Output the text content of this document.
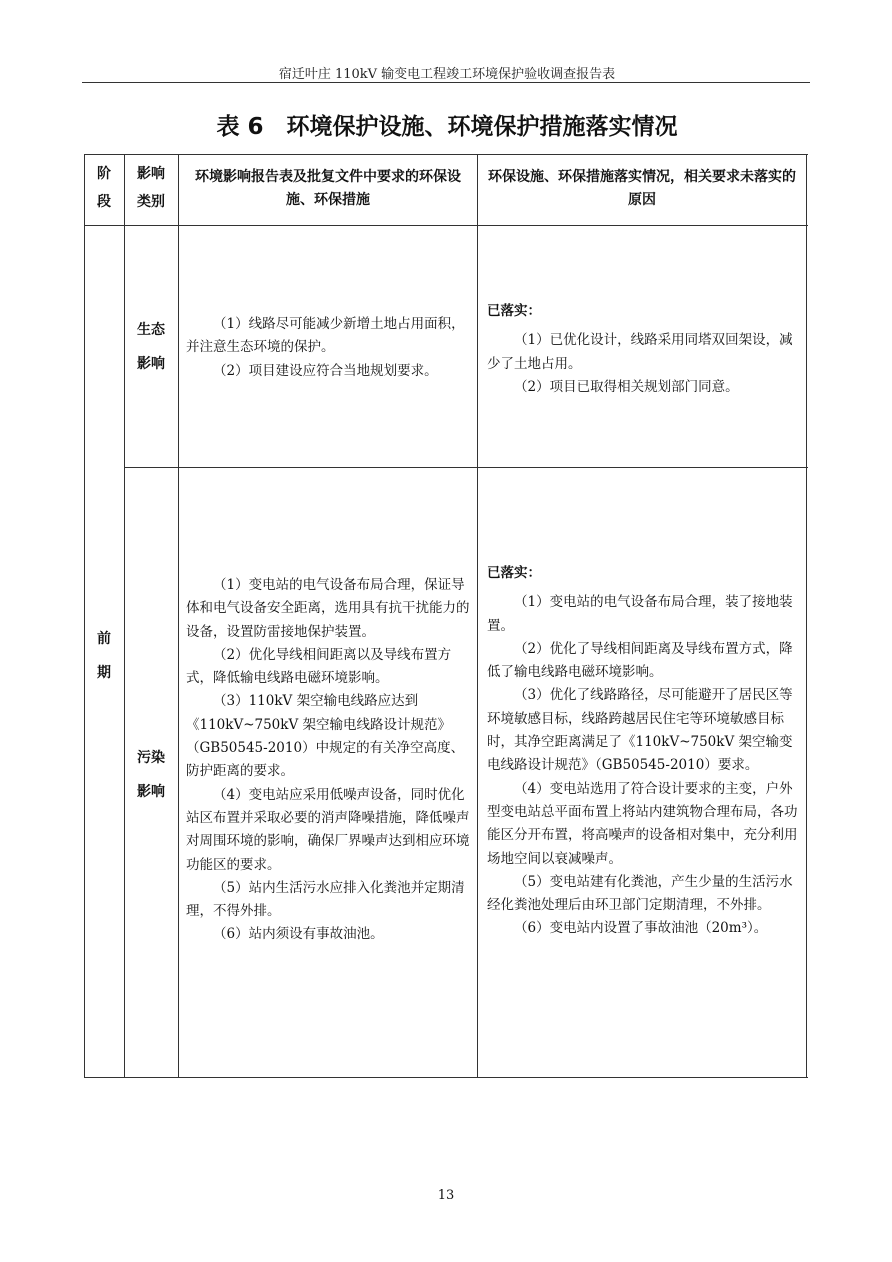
宿迁叶庄 110kV 输变电工程竣工环境保护验收调查报告表
表 6　环境保护设施、环境保护措施落实情况
阶
段
影响
类别
环境影响报告表及批复文件中要求的环保设施、环保措施
环保设施、环保措施落实情况，相关要求未落实的原因
前
期
生态
影响

（1）线路尽可能减少新增土地占用面积，并注意生态环境的保护。

（2）项目建设应符合当地规划要求。

已落实：

（1）已优化设计，线路采用同塔双回架设，减少了土地占用。

（2）项目已取得相关规划部门同意。

污染
影响

（1）变电站的电气设备布局合理，保证导体和电气设备安全距离，选用具有抗干扰能力的设备，设置防雷接地保护装置。

（2）优化导线相间距离以及导线布置方式，降低输电线路电磁环境影响。

（3）110kV 架空输电线路应达到《110kV~750kV 架空输电线路设计规范》（GB50545-2010）中规定的有关净空高度、防护距离的要求。

（4）变电站应采用低噪声设备，同时优化站区布置并采取必要的消声降噪措施，降低噪声对周围环境的影响，确保厂界噪声达到相应环境功能区的要求。

（5）站内生活污水应排入化粪池并定期清理，不得外排。

（6）站内须设有事故油池。

已落实：

（1）变电站的电气设备布局合理，装了接地装置。

（2）优化了导线相间距离及导线布置方式，降低了输电线路电磁环境影响。

（3）优化了线路路径，尽可能避开了居民区等环境敏感目标，线路跨越居民住宅等环境敏感目标时，其净空距离满足了《110kV~750kV 架空输变电线路设计规范》（GB50545-2010）要求。

（4）变电站选用了符合设计要求的主变，户外型变电站总平面布置上将站内建筑物合理布局，各功能区分开布置，将高噪声的设备相对集中，充分利用场地空间以衰减噪声。

（5）变电站建有化粪池，产生少量的生活污水经化粪池处理后由环卫部门定期清理，不外排。

（6）变电站内设置了事故油池（20m³）。

13
